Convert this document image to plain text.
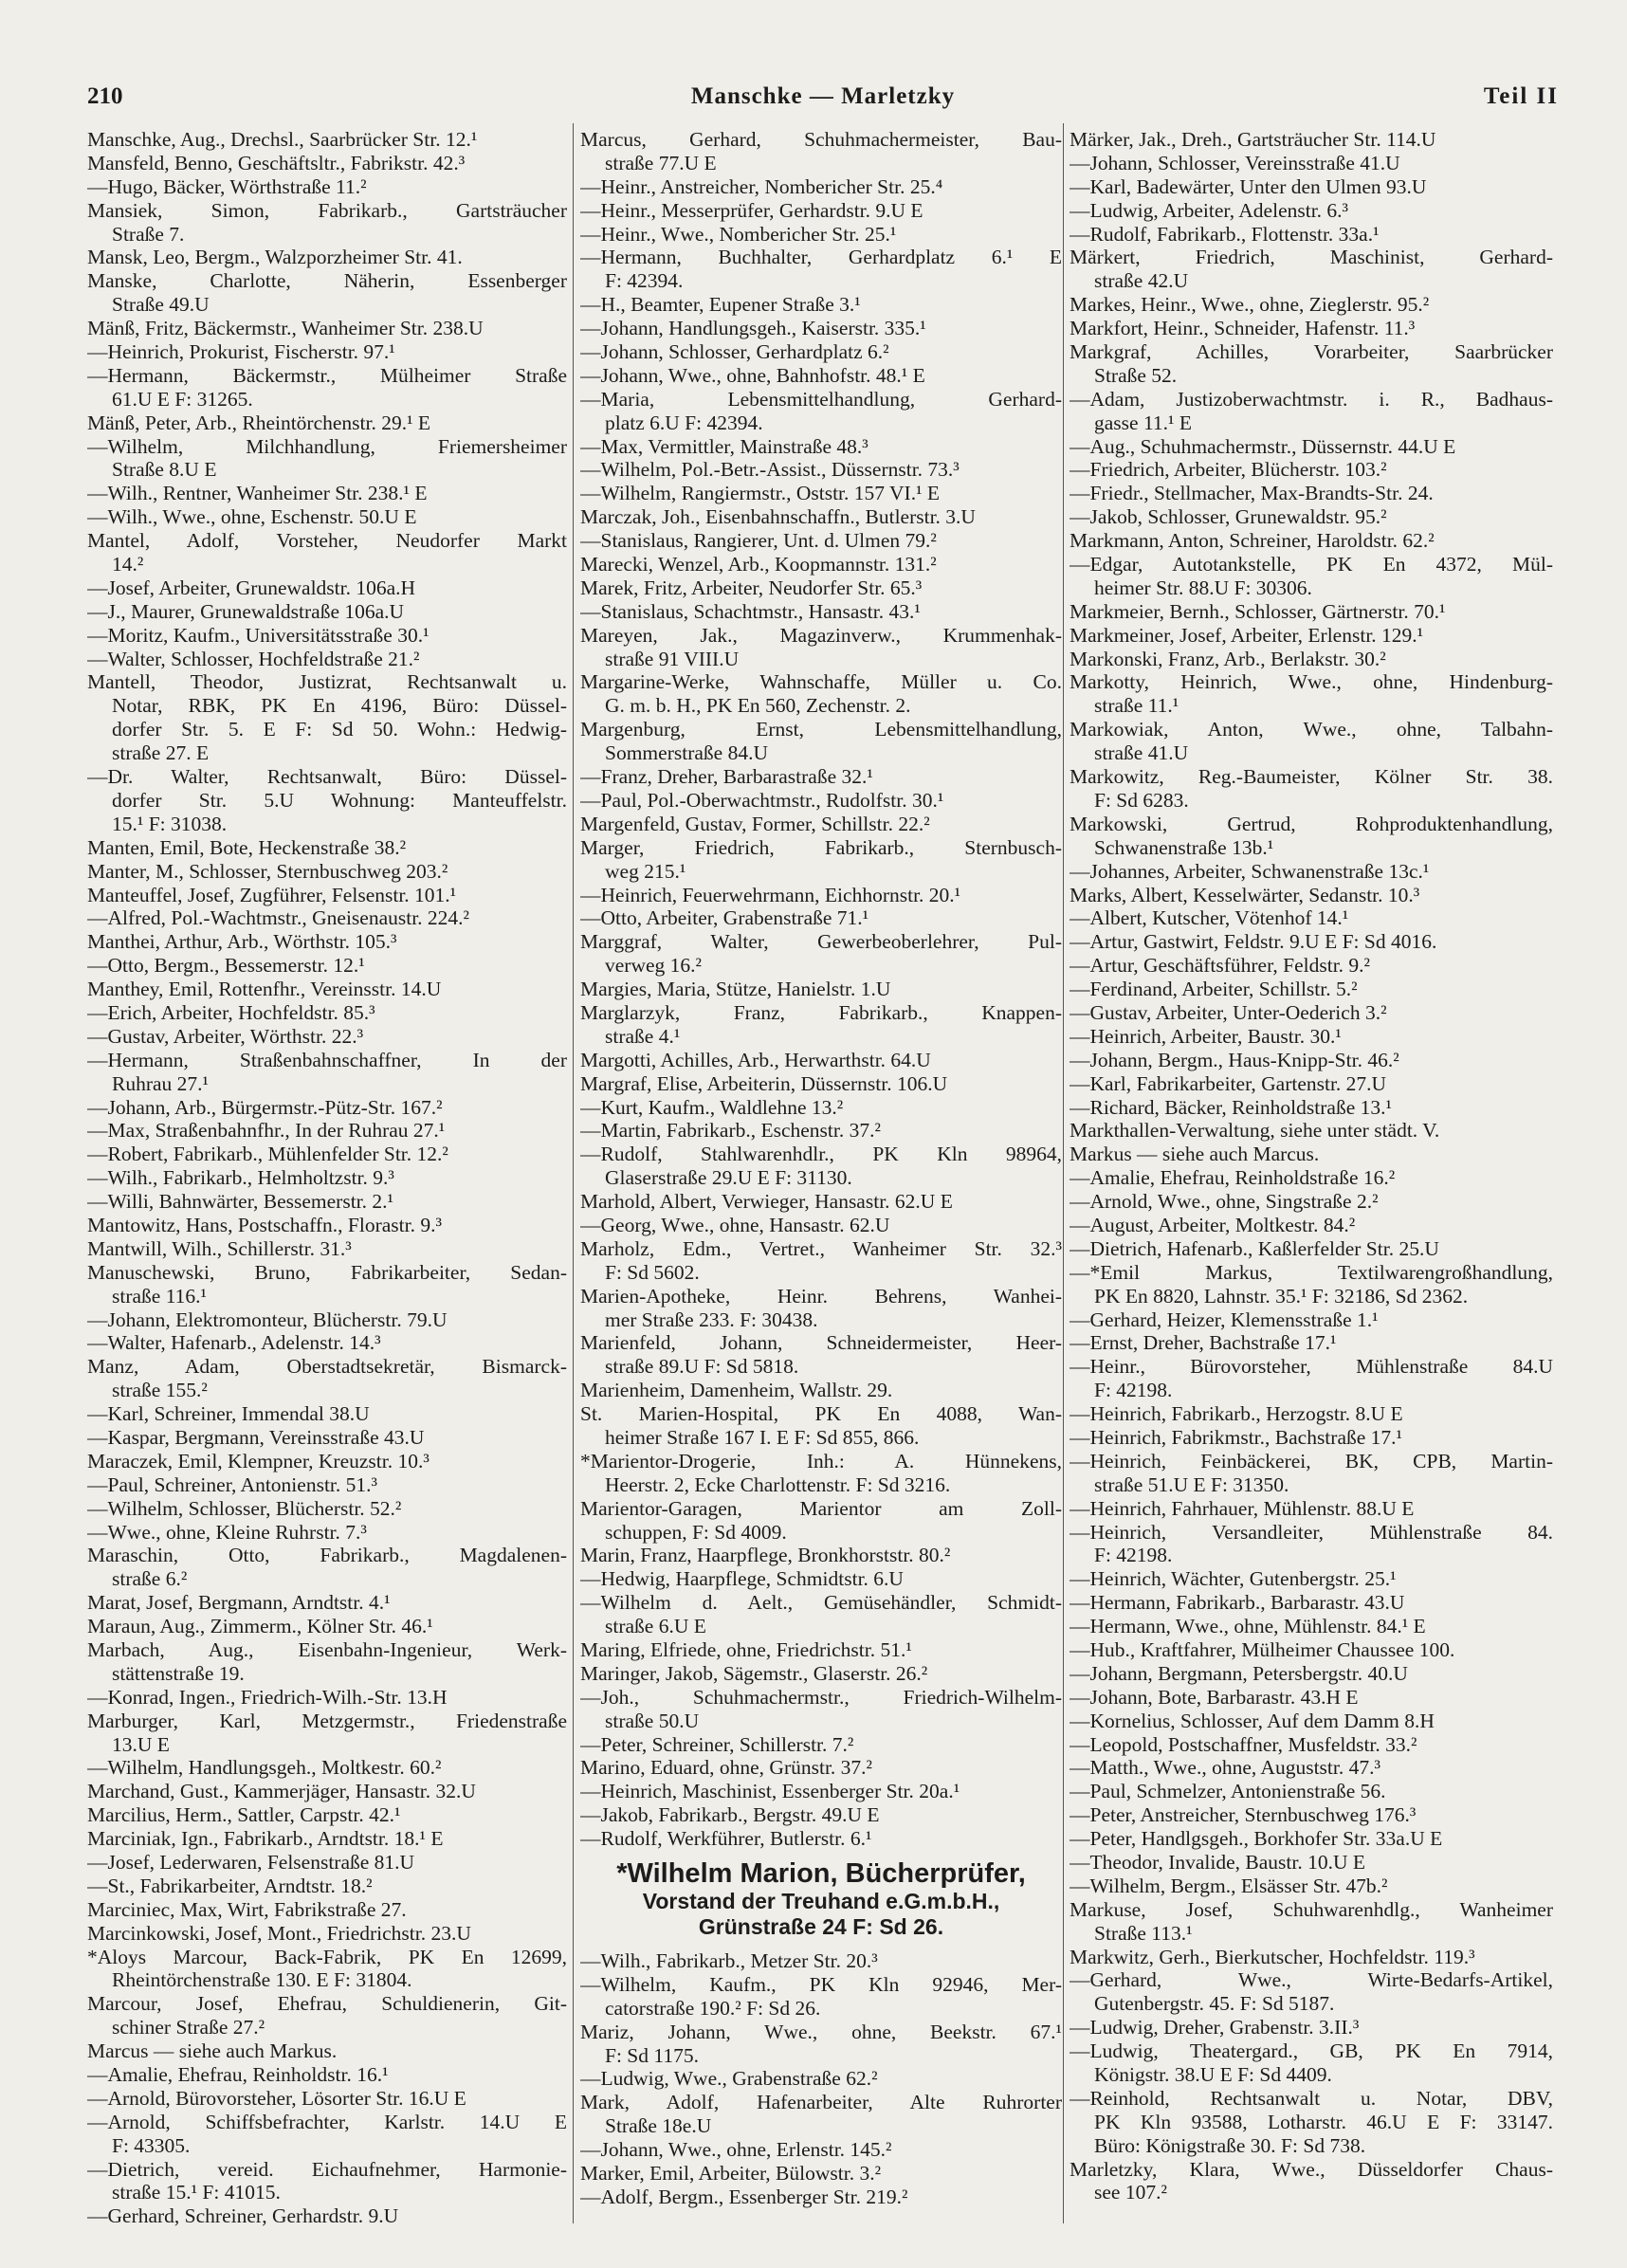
210	Manschke — Marletzky	Teil II
Manschke, Aug., Drechsl., Saarbrücker Str. 12.¹
Mansfeld, Benno, Geschäftsltr., Fabrikstr. 42.³
—Hugo, Bäcker, Wörthstraße 11.²
Mansiek, Simon, Fabrikarb., Gartsträucher
Straße 7.
Mansk, Leo, Bergm., Walzporzheimer Str. 41.
Manske, Charlotte, Näherin, Essenberger
Straße 49.U
Mänß, Fritz, Bäckermstr., Wanheimer Str. 238.U
—Heinrich, Prokurist, Fischerstr. 97.¹
—Hermann, Bäckermstr., Mülheimer Straße
61.U E F: 31265.
Mänß, Peter, Arb., Rheintörchenstr. 29.¹ E
—Wilhelm, Milchhandlung, Friemersheimer
Straße 8.U E
—Wilh., Rentner, Wanheimer Str. 238.¹ E
—Wilh., Wwe., ohne, Eschenstr. 50.U E
Mantel, Adolf, Vorsteher, Neudorfer Markt
14.²
—Josef, Arbeiter, Grunewaldstr. 106a.H
—J., Maurer, Grunewaldstraße 106a.U
—Moritz, Kaufm., Universitätsstraße 30.¹
—Walter, Schlosser, Hochfeldstraße 21.²
Mantell, Theodor, Justizrat, Rechtsanwalt u.
Notar, RBK, PK En 4196, Büro: Düssel-
dorfer Str. 5. E F: Sd 50. Wohn.: Hedwig-
straße 27. E
—Dr. Walter, Rechtsanwalt, Büro: Düssel-
dorfer Str. 5.U Wohnung: Manteuffelstr.
15.¹ F: 31038.
Manten, Emil, Bote, Heckenstraße 38.²
Manter, M., Schlosser, Sternbuschweg 203.²
Manteuffel, Josef, Zugführer, Felsenstr. 101.¹
—Alfred, Pol.-Wachtmstr., Gneisenaustr. 224.²
Manthei, Arthur, Arb., Wörthstr. 105.³
—Otto, Bergm., Bessemerstr. 12.¹
Manthey, Emil, Rottenfhr., Vereinsstr. 14.U
—Erich, Arbeiter, Hochfeldstr. 85.³
—Gustav, Arbeiter, Wörthstr. 22.³
—Hermann, Straßenbahnschaffner, In der
Ruhrau 27.¹
—Johann, Arb., Bürgermstr.-Pütz-Str. 167.²
—Max, Straßenbahnfhr., In der Ruhrau 27.¹
—Robert, Fabrikarb., Mühlenfelder Str. 12.²
—Wilh., Fabrikarb., Helmholtzstr. 9.³
—Willi, Bahnwärter, Bessemerstr. 2.¹
Mantowitz, Hans, Postschaffn., Florastr. 9.³
Mantwill, Wilh., Schillerstr. 31.³
Manuschewski, Bruno, Fabrikarbeiter, Sedan-
straße 116.¹
—Johann, Elektromonteur, Blücherstr. 79.U
—Walter, Hafenarb., Adelenstr. 14.³
Manz, Adam, Oberstadtsekretär, Bismarck-
straße 155.²
—Karl, Schreiner, Immendal 38.U
—Kaspar, Bergmann, Vereinsstraße 43.U
Maraczek, Emil, Klempner, Kreuzstr. 10.³
—Paul, Schreiner, Antonienstr. 51.³
—Wilhelm, Schlosser, Blücherstr. 52.²
—Wwe., ohne, Kleine Ruhrstr. 7.³
Maraschin, Otto, Fabrikarb., Magdalenen-
straße 6.²
Marat, Josef, Bergmann, Arndtstr. 4.¹
Maraun, Aug., Zimmerm., Kölner Str. 46.¹
Marbach, Aug., Eisenbahn-Ingenieur, Werk-
stättenstraße 19.
—Konrad, Ingen., Friedrich-Wilh.-Str. 13.H
Marburger, Karl, Metzgermstr., Friedenstraße
13.U E
—Wilhelm, Handlungsgeh., Moltkestr. 60.²
Marchand, Gust., Kammerjäger, Hansastr. 32.U
Marcilius, Herm., Sattler, Carpstr. 42.¹
Marciniak, Ign., Fabrikarb., Arndtstr. 18.¹ E
—Josef, Lederwaren, Felsenstraße 81.U
—St., Fabrikarbeiter, Arndtstr. 18.²
Marciniec, Max, Wirt, Fabrikstraße 27.
Marcinkowski, Josef, Mont., Friedrichstr. 23.U
*Aloys Marcour, Back-Fabrik, PK En 12699,
Rheintörchenstraße 130. E F: 31804.
Marcour, Josef, Ehefrau, Schuldienerin, Git-
schiner Straße 27.²
Marcus — siehe auch Markus.
—Amalie, Ehefrau, Reinholdstr. 16.¹
—Arnold, Bürovorsteher, Lösorter Str. 16.U E
—Arnold, Schiffsbefrachter, Karlstr. 14.U E
F: 43305.
—Dietrich, vereid. Eichaufnehmer, Harmonie-
straße 15.¹ F: 41015.
—Gerhard, Schreiner, Gerhardstr. 9.U
Marcus, Gerhard, Schuhmachermeister, Bau-
straße 77.U E
—Heinr., Anstreicher, Nombericher Str. 25.⁴
—Heinr., Messerprüfer, Gerhardstr. 9.U E
—Heinr., Wwe., Nombericher Str. 25.¹
—Hermann, Buchhalter, Gerhardplatz 6.¹ E
F: 42394.
—H., Beamter, Eupener Straße 3.¹
—Johann, Handlungsgeh., Kaiserstr. 335.¹
—Johann, Schlosser, Gerhardplatz 6.²
—Johann, Wwe., ohne, Bahnhofstr. 48.¹ E
—Maria, Lebensmittelhandlung, Gerhard-
platz 6.U F: 42394.
—Max, Vermittler, Mainstraße 48.³
—Wilhelm, Pol.-Betr.-Assist., Düssernstr. 73.³
—Wilhelm, Rangiermstr., Oststr. 157 VI.¹ E
Marczak, Joh., Eisenbahnschaffn., Butlerstr. 3.U
—Stanislaus, Rangierer, Unt. d. Ulmen 79.²
Marecki, Wenzel, Arb., Koopmannstr. 131.²
Marek, Fritz, Arbeiter, Neudorfer Str. 65.³
—Stanislaus, Schachtmstr., Hansastr. 43.¹
Mareyen, Jak., Magazinverw., Krummenhak-
straße 91 VIII.U
Margarine-Werke, Wahnschaffe, Müller u. Co.
G. m. b. H., PK En 560, Zechenstr. 2.
Margenburg, Ernst, Lebensmittelhandlung,
Sommerstraße 84.U
—Franz, Dreher, Barbarastraße 32.¹
—Paul, Pol.-Oberwachtmstr., Rudolfstr. 30.¹
Margenfeld, Gustav, Former, Schillstr. 22.²
Marger, Friedrich, Fabrikarb., Sternbusch-
weg 215.¹
—Heinrich, Feuerwehrmann, Eichhornstr. 20.¹
—Otto, Arbeiter, Grabenstraße 71.¹
Marggraf, Walter, Gewerbeoberlehrer, Pul-
verweg 16.²
Margies, Maria, Stütze, Hanielstr. 1.U
Marglarzyk, Franz, Fabrikarb., Knappen-
straße 4.¹
Margotti, Achilles, Arb., Herwarthstr. 64.U
Margraf, Elise, Arbeiterin, Düssernstr. 106.U
—Kurt, Kaufm., Waldlehne 13.²
—Martin, Fabrikarb., Eschenstr. 37.²
—Rudolf, Stahlwarenhdlr., PK Kln 98964,
Glaserstraße 29.U E F: 31130.
Marhold, Albert, Verwieger, Hansastr. 62.U E
—Georg, Wwe., ohne, Hansastr. 62.U
Marholz, Edm., Vertret., Wanheimer Str. 32.³
F: Sd 5602.
Marien-Apotheke, Heinr. Behrens, Wanhei-
mer Straße 233. F: 30438.
Marienfeld, Johann, Schneidermeister, Heer-
straße 89.U F: Sd 5818.
Marienheim, Damenheim, Wallstr. 29.
St. Marien-Hospital, PK En 4088, Wan-
heimer Straße 167 I. E F: Sd 855, 866.
*Marientor-Drogerie, Inh.: A. Hünnekens,
Heerstr. 2, Ecke Charlottenstr. F: Sd 3216.
Marientor-Garagen, Marientor am Zoll-
schuppen, F: Sd 4009.
Marin, Franz, Haarpflege, Bronkhorststr. 80.²
—Hedwig, Haarpflege, Schmidtstr. 6.U
—Wilhelm d. Aelt., Gemüsehändler, Schmidt-
straße 6.U E
Maring, Elfriede, ohne, Friedrichstr. 51.¹
Maringer, Jakob, Sägemstr., Glaserstr. 26.²
—Joh., Schuhmachermstr., Friedrich-Wilhelm-
straße 50.U
—Peter, Schreiner, Schillerstr. 7.²
Marino, Eduard, ohne, Grünstr. 37.²
—Heinrich, Maschinist, Essenberger Str. 20a.¹
—Jakob, Fabrikarb., Bergstr. 49.U E
—Rudolf, Werkführer, Butlerstr. 6.¹
*Wilhelm Marion, Bücherprüfer,
Vorstand der Treuhand e.G.m.b.H.,
Grünstraße 24 F: Sd 26.
—Wilh., Fabrikarb., Metzer Str. 20.³
—Wilhelm, Kaufm., PK Kln 92946, Mer-
catorstraße 190.² F: Sd 26.
Mariz, Johann, Wwe., ohne, Beekstr. 67.¹
F: Sd 1175.
—Ludwig, Wwe., Grabenstraße 62.²
Mark, Adolf, Hafenarbeiter, Alte Ruhrorter
Straße 18e.U
—Johann, Wwe., ohne, Erlenstr. 145.²
Marker, Emil, Arbeiter, Bülowstr. 3.²
—Adolf, Bergm., Essenberger Str. 219.²
Märker, Jak., Dreh., Gartsträucher Str. 114.U
—Johann, Schlosser, Vereinsstraße 41.U
—Karl, Badewärter, Unter den Ulmen 93.U
—Ludwig, Arbeiter, Adelenstr. 6.³
—Rudolf, Fabrikarb., Flottenstr. 33a.¹
Märkert, Friedrich, Maschinist, Gerhard-
straße 42.U
Markes, Heinr., Wwe., ohne, Zieglerstr. 95.²
Markfort, Heinr., Schneider, Hafenstr. 11.³
Markgraf, Achilles, Vorarbeiter, Saarbrücker
Straße 52.
—Adam, Justizoberwachtmstr. i. R., Badhaus-
gasse 11.¹ E
—Aug., Schuhmachermstr., Düssernstr. 44.U E
—Friedrich, Arbeiter, Blücherstr. 103.²
—Friedr., Stellmacher, Max-Brandts-Str. 24.
—Jakob, Schlosser, Grunewaldstr. 95.²
Markmann, Anton, Schreiner, Haroldstr. 62.²
—Edgar, Autotankstelle, PK En 4372, Mül-
heimer Str. 88.U F: 30306.
Markmeier, Bernh., Schlosser, Gärtnerstr. 70.¹
Markmeiner, Josef, Arbeiter, Erlenstr. 129.¹
Markonski, Franz, Arb., Berlakstr. 30.²
Markotty, Heinrich, Wwe., ohne, Hindenburg-
straße 11.¹
Markowiak, Anton, Wwe., ohne, Talbahn-
straße 41.U
Markowitz, Reg.-Baumeister, Kölner Str. 38.
F: Sd 6283.
Markowski, Gertrud, Rohproduktenhandlung,
Schwanenstraße 13b.¹
—Johannes, Arbeiter, Schwanenstraße 13c.¹
Marks, Albert, Kesselwärter, Sedanstr. 10.³
—Albert, Kutscher, Vötenhof 14.¹
—Artur, Gastwirt, Feldstr. 9.U E F: Sd 4016.
—Artur, Geschäftsführer, Feldstr. 9.²
—Ferdinand, Arbeiter, Schillstr. 5.²
—Gustav, Arbeiter, Unter-Oederich 3.²
—Heinrich, Arbeiter, Baustr. 30.¹
—Johann, Bergm., Haus-Knipp-Str. 46.²
—Karl, Fabrikarbeiter, Gartenstr. 27.U
—Richard, Bäcker, Reinholdstraße 13.¹
Markthallen-Verwaltung, siehe unter städt. V.
Markus — siehe auch Marcus.
—Amalie, Ehefrau, Reinholdstraße 16.²
—Arnold, Wwe., ohne, Singstraße 2.²
—August, Arbeiter, Moltkestr. 84.²
—Dietrich, Hafenarb., Kaßlerfelder Str. 25.U
—*Emil Markus, Textilwarengroßhandlung,
PK En 8820, Lahnstr. 35.¹ F: 32186, Sd 2362.
—Gerhard, Heizer, Klemensstraße 1.¹
—Ernst, Dreher, Bachstraße 17.¹
—Heinr., Bürovorsteher, Mühlenstraße 84.U
F: 42198.
—Heinrich, Fabrikarb., Herzogstr. 8.U E
—Heinrich, Fabrikmstr., Bachstraße 17.¹
—Heinrich, Feinbäckerei, BK, CPB, Martin-
straße 51.U E F: 31350.
—Heinrich, Fahrhauer, Mühlenstr. 88.U E
—Heinrich, Versandleiter, Mühlenstraße 84.
F: 42198.
—Heinrich, Wächter, Gutenbergstr. 25.¹
—Hermann, Fabrikarb., Barbarastr. 43.U
—Hermann, Wwe., ohne, Mühlenstr. 84.¹ E
—Hub., Kraftfahrer, Mülheimer Chaussee 100.
—Johann, Bergmann, Petersbergstr. 40.U
—Johann, Bote, Barbarastr. 43.H E
—Kornelius, Schlosser, Auf dem Damm 8.H
—Leopold, Postschaffner, Musfeldstr. 33.²
—Matth., Wwe., ohne, Auguststr. 47.³
—Paul, Schmelzer, Antonienstraße 56.
—Peter, Anstreicher, Sternbuschweg 176.³
—Peter, Handlgsgeh., Borkhofer Str. 33a.U E
—Theodor, Invalide, Baustr. 10.U E
—Wilhelm, Bergm., Elsässer Str. 47b.²
Markuse, Josef, Schuhwarenhdlg., Wanheimer
Straße 113.¹
Markwitz, Gerh., Bierkutscher, Hochfeldstr. 119.³
—Gerhard, Wwe., Wirte-Bedarfs-Artikel,
Gutenbergstr. 45. F: Sd 5187.
—Ludwig, Dreher, Grabenstr. 3.II.³
—Ludwig, Theatergard., GB, PK En 7914,
Königstr. 38.U E F: Sd 4409.
—Reinhold, Rechtsanwalt u. Notar, DBV,
PK Kln 93588, Lotharstr. 46.U E F: 33147.
Büro: Königstraße 30. F: Sd 738.
Marletzky, Klara, Wwe., Düsseldorfer Chaus-
see 107.²
